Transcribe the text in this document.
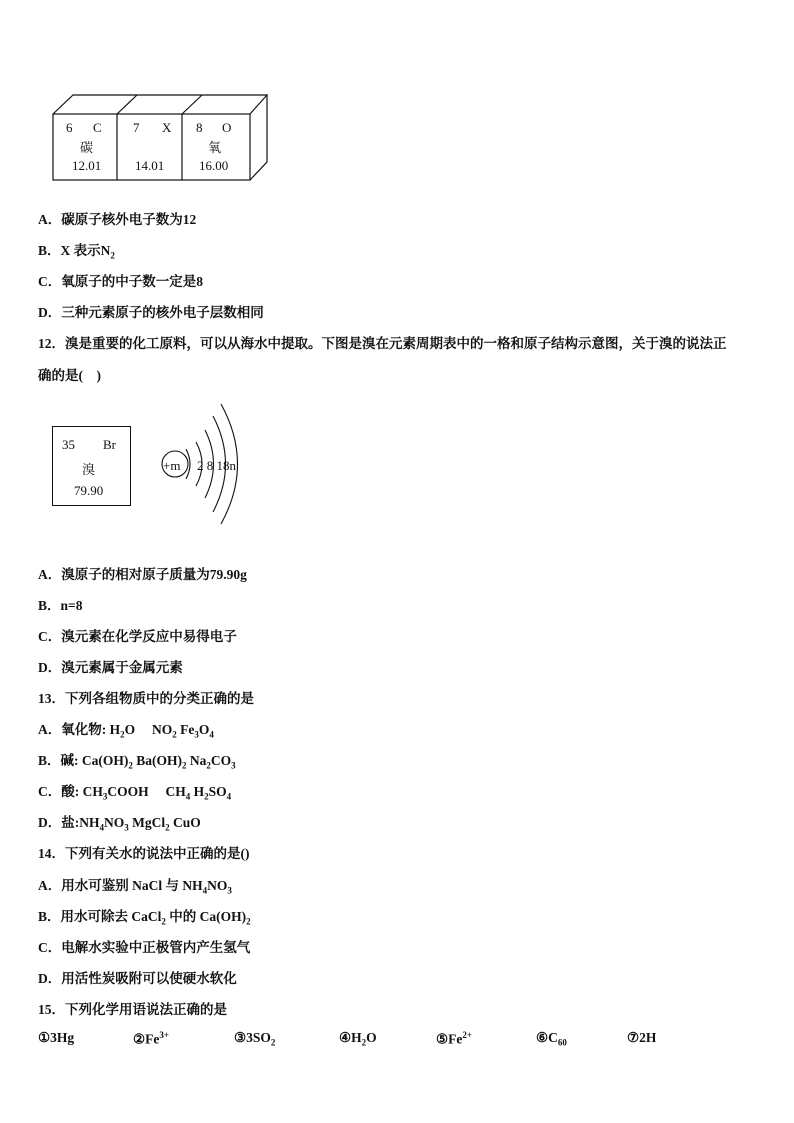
6 C
碳
12.01
7 X
14.01
8 O
氧
16.00
A．碳原子核外电子数为12
B．X 表示$N_2$
C．氧原子的中子数一定是8
D．三种元素原子的核外电子层数相同
12．溴是重要的化工原料，可以从海水中提取。下图是溴在元素周期表中的一格和原子结构示意图，关于溴的说法正
确的是(　)
35 Br
溴
79.90
+m 2 8 18n
A．溴原子的相对原子质量为79.90g
B．n=8
C．溴元素在化学反应中易得电子
D．溴元素属于金属元素
13．下列各组物质中的分类正确的是
A．氧化物: $H_2O$　 $NO_2$ $Fe_3O_4$
B．碱: $Ca(OH)_2$ $Ba(OH)_2$ $Na_2CO_3$
C．酸: $CH_3COOH$　 $CH_4$ $H_2SO_4$
D．盐$:NH_4NO_3$ MgCl$_2$ CuO
14．下列有关水的说法中正确的是()
A．用水可鉴别 NaCl 与 $NH_4NO_3$
B．用水可除去 CaCl$_2$ 中的 $Ca(OH)_2$
C．电解水实验中正极管内产生氢气
D．用活性炭吸附可以使硬水软化
15．下列化学用语说法正确的是
①3Hg	$②Fe^{3+}$	$③3SO_2$	$④H_2O$	$⑤Fe^{2+}$	$⑥C_{60}$	⑦2H
